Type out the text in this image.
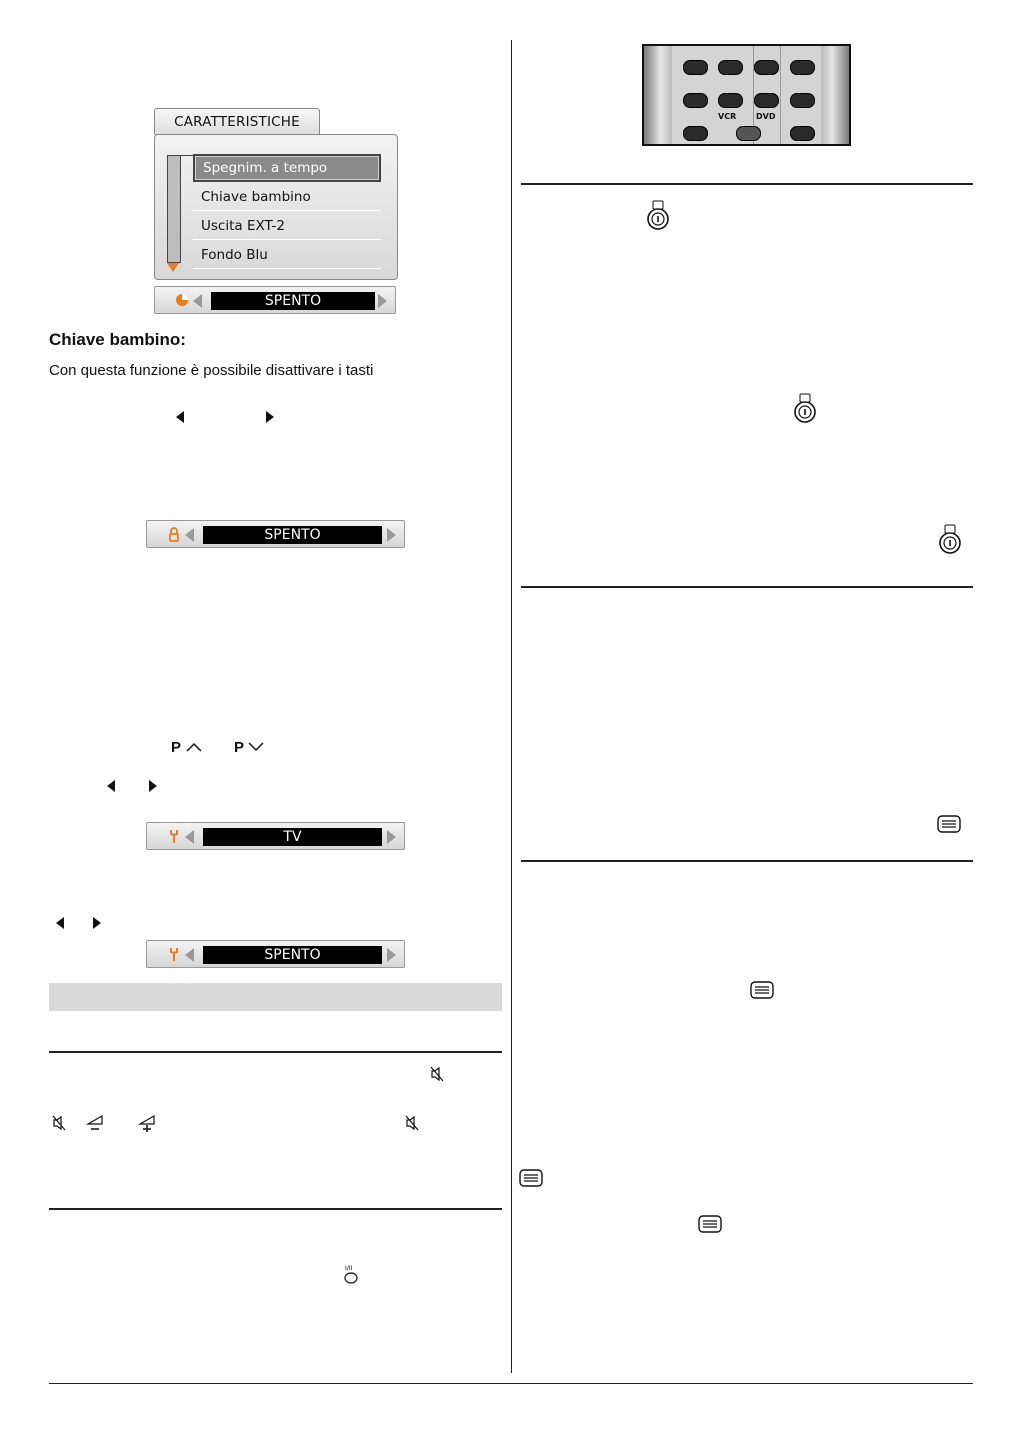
CARATTERISTICHE
Spegnim. a tempo
Chiave bambino
Uscita EXT-2
Fondo Blu
SPENTO
Chiave bambino:
Con questa funzione è possibile disattivare i tasti
SPENTO
P	P
TV
SPENTO
I/II
VCR DVD
